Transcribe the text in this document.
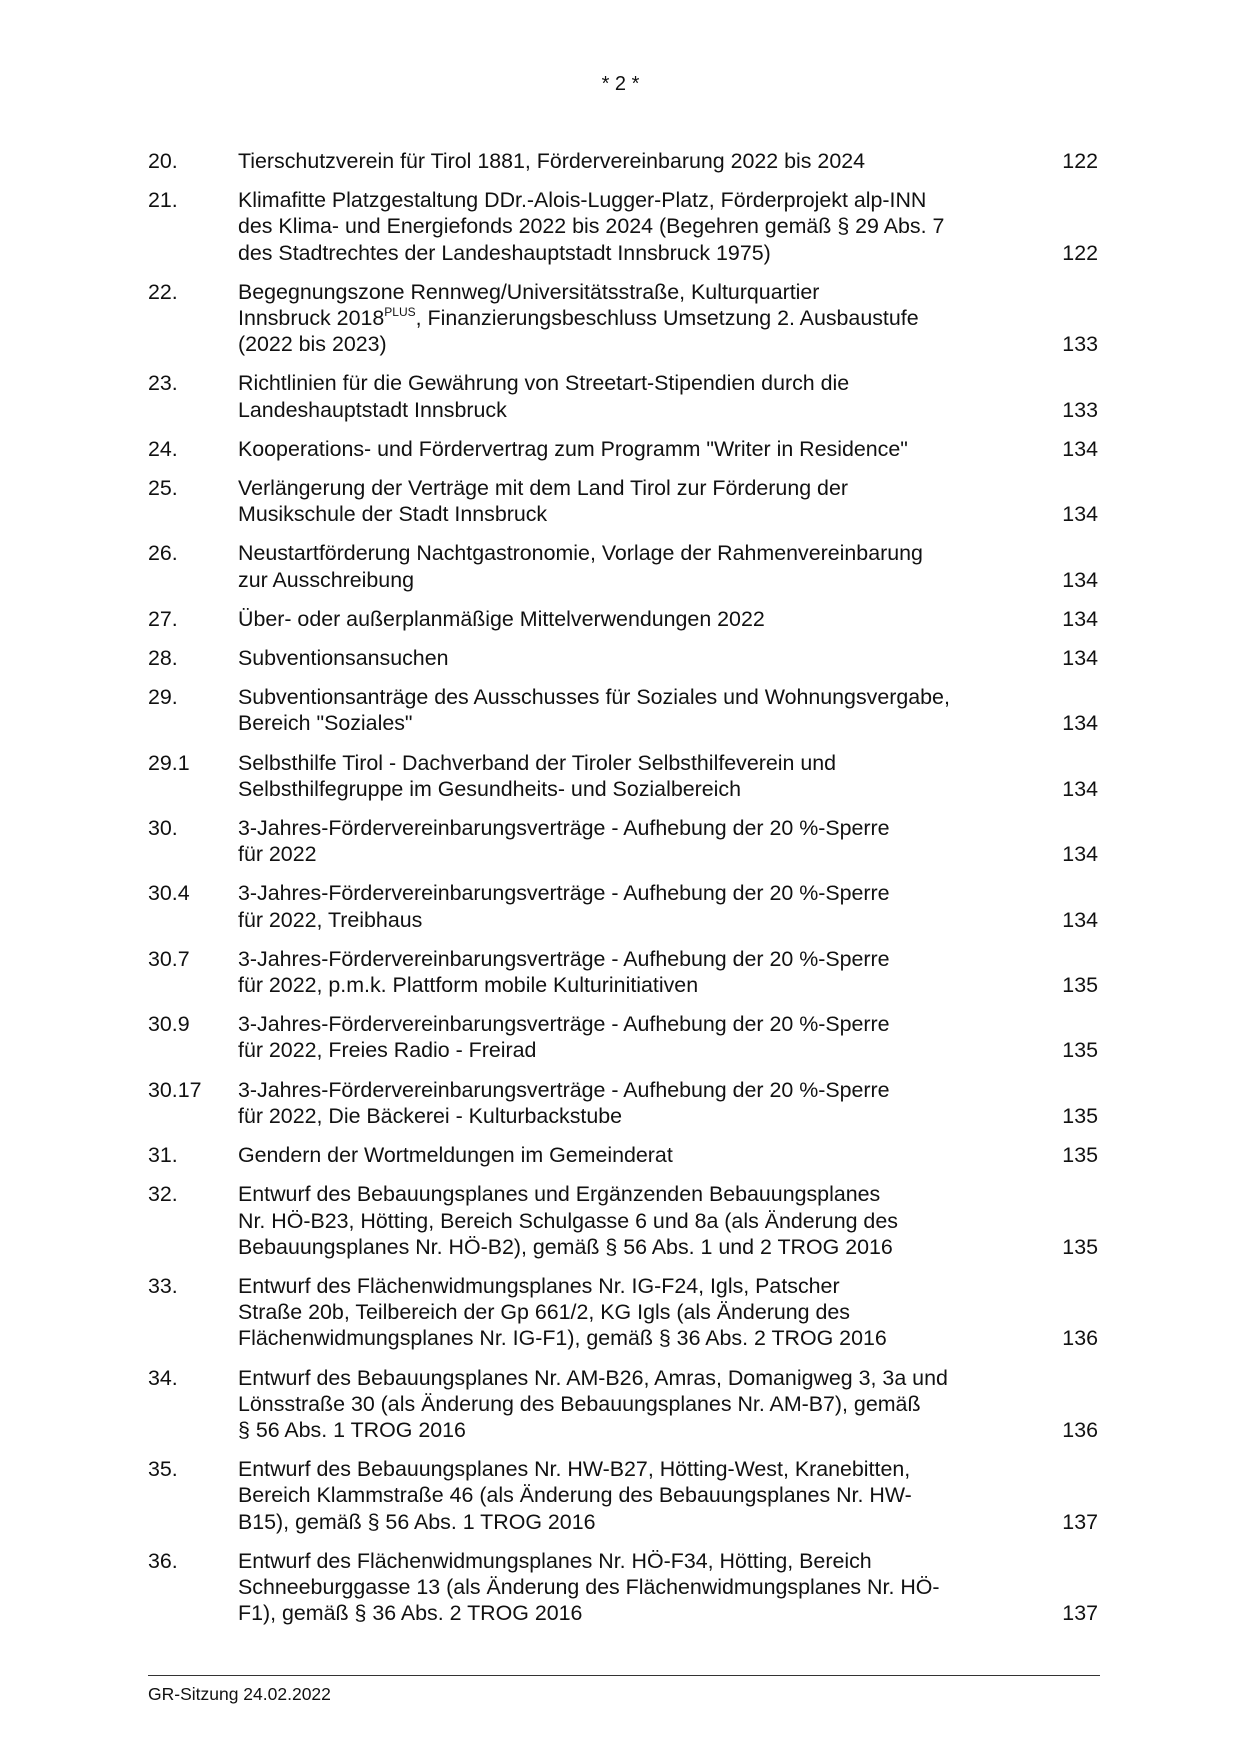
* 2 *
20.	Tierschutzverein für Tirol 1881, Fördervereinbarung 2022 bis 2024	122
21.	Klimafitte Platzgestaltung DDr.-Alois-Lugger-Platz, Förderprojekt alp-INN
des Klima- und Energiefonds 2022 bis 2024 (Begehren gemäß § 29 Abs. 7
des Stadtrechtes der Landeshauptstadt Innsbruck 1975)	122
22.	Begegnungszone Rennweg/Universitätsstraße, Kulturquartier
Innsbruck $2018^{PLUS}$, Finanzierungsbeschluss Umsetzung 2. Ausbaustufe
(2022 bis 2023)	133
23.	Richtlinien für die Gewährung von Streetart-Stipendien durch die
Landeshauptstadt Innsbruck	133
24.	Kooperations- und Fördervertrag zum Programm "Writer in Residence"	134
25.	Verlängerung der Verträge mit dem Land Tirol zur Förderung der
Musikschule der Stadt Innsbruck	134
26.	Neustartförderung Nachtgastronomie, Vorlage der Rahmenvereinbarung
zur Ausschreibung	134
27.	Über- oder außerplanmäßige Mittelverwendungen 2022	134
28.	Subventionsansuchen	134
29.	Subventionsanträge des Ausschusses für Soziales und Wohnungsvergabe,
Bereich "Soziales"	134
29.1	Selbsthilfe Tirol - Dachverband der Tiroler Selbsthilfeverein und
Selbsthilfegruppe im Gesundheits- und Sozialbereich	134
30.	3-Jahres-Fördervereinbarungsverträge - Aufhebung der 20 %-Sperre
für 2022	134
30.4	3-Jahres-Fördervereinbarungsverträge - Aufhebung der 20 %-Sperre
für 2022, Treibhaus	134
30.7	3-Jahres-Fördervereinbarungsverträge - Aufhebung der 20 %-Sperre
für 2022, p.m.k. Plattform mobile Kulturinitiativen	135
30.9	3-Jahres-Fördervereinbarungsverträge - Aufhebung der 20 %-Sperre
für 2022, Freies Radio - Freirad	135
30.17	3-Jahres-Fördervereinbarungsverträge - Aufhebung der 20 %-Sperre
für 2022, Die Bäckerei - Kulturbackstube	135
31.	Gendern der Wortmeldungen im Gemeinderat	135
32.	Entwurf des Bebauungsplanes und Ergänzenden Bebauungsplanes
Nr. HÖ-B23, Hötting, Bereich Schulgasse 6 und 8a (als Änderung des
Bebauungsplanes Nr. HÖ-B2), gemäß § 56 Abs. 1 und 2 TROG 2016	135
33.	Entwurf des Flächenwidmungsplanes Nr. IG-F24, Igls, Patscher
Straße 20b, Teilbereich der Gp 661/2, KG Igls (als Änderung des
Flächenwidmungsplanes Nr. IG-F1), gemäß § 36 Abs. 2 TROG 2016	136
34.	Entwurf des Bebauungsplanes Nr. AM-B26, Amras, Domanigweg 3, 3a und
Lönsstraße 30 (als Änderung des Bebauungsplanes Nr. AM-B7), gemäß
§ 56 Abs. 1 TROG 2016	136
35.	Entwurf des Bebauungsplanes Nr. HW-B27, Hötting-West, Kranebitten,
Bereich Klammstraße 46 (als Änderung des Bebauungsplanes Nr. HW-
B15), gemäß § 56 Abs. 1 TROG 2016	137
36.	Entwurf des Flächenwidmungsplanes Nr. HÖ-F34, Hötting, Bereich
Schneeburggasse 13 (als Änderung des Flächenwidmungsplanes Nr. HÖ-
F1), gemäß § 36 Abs. 2 TROG 2016	137
GR-Sitzung 24.02.2022
